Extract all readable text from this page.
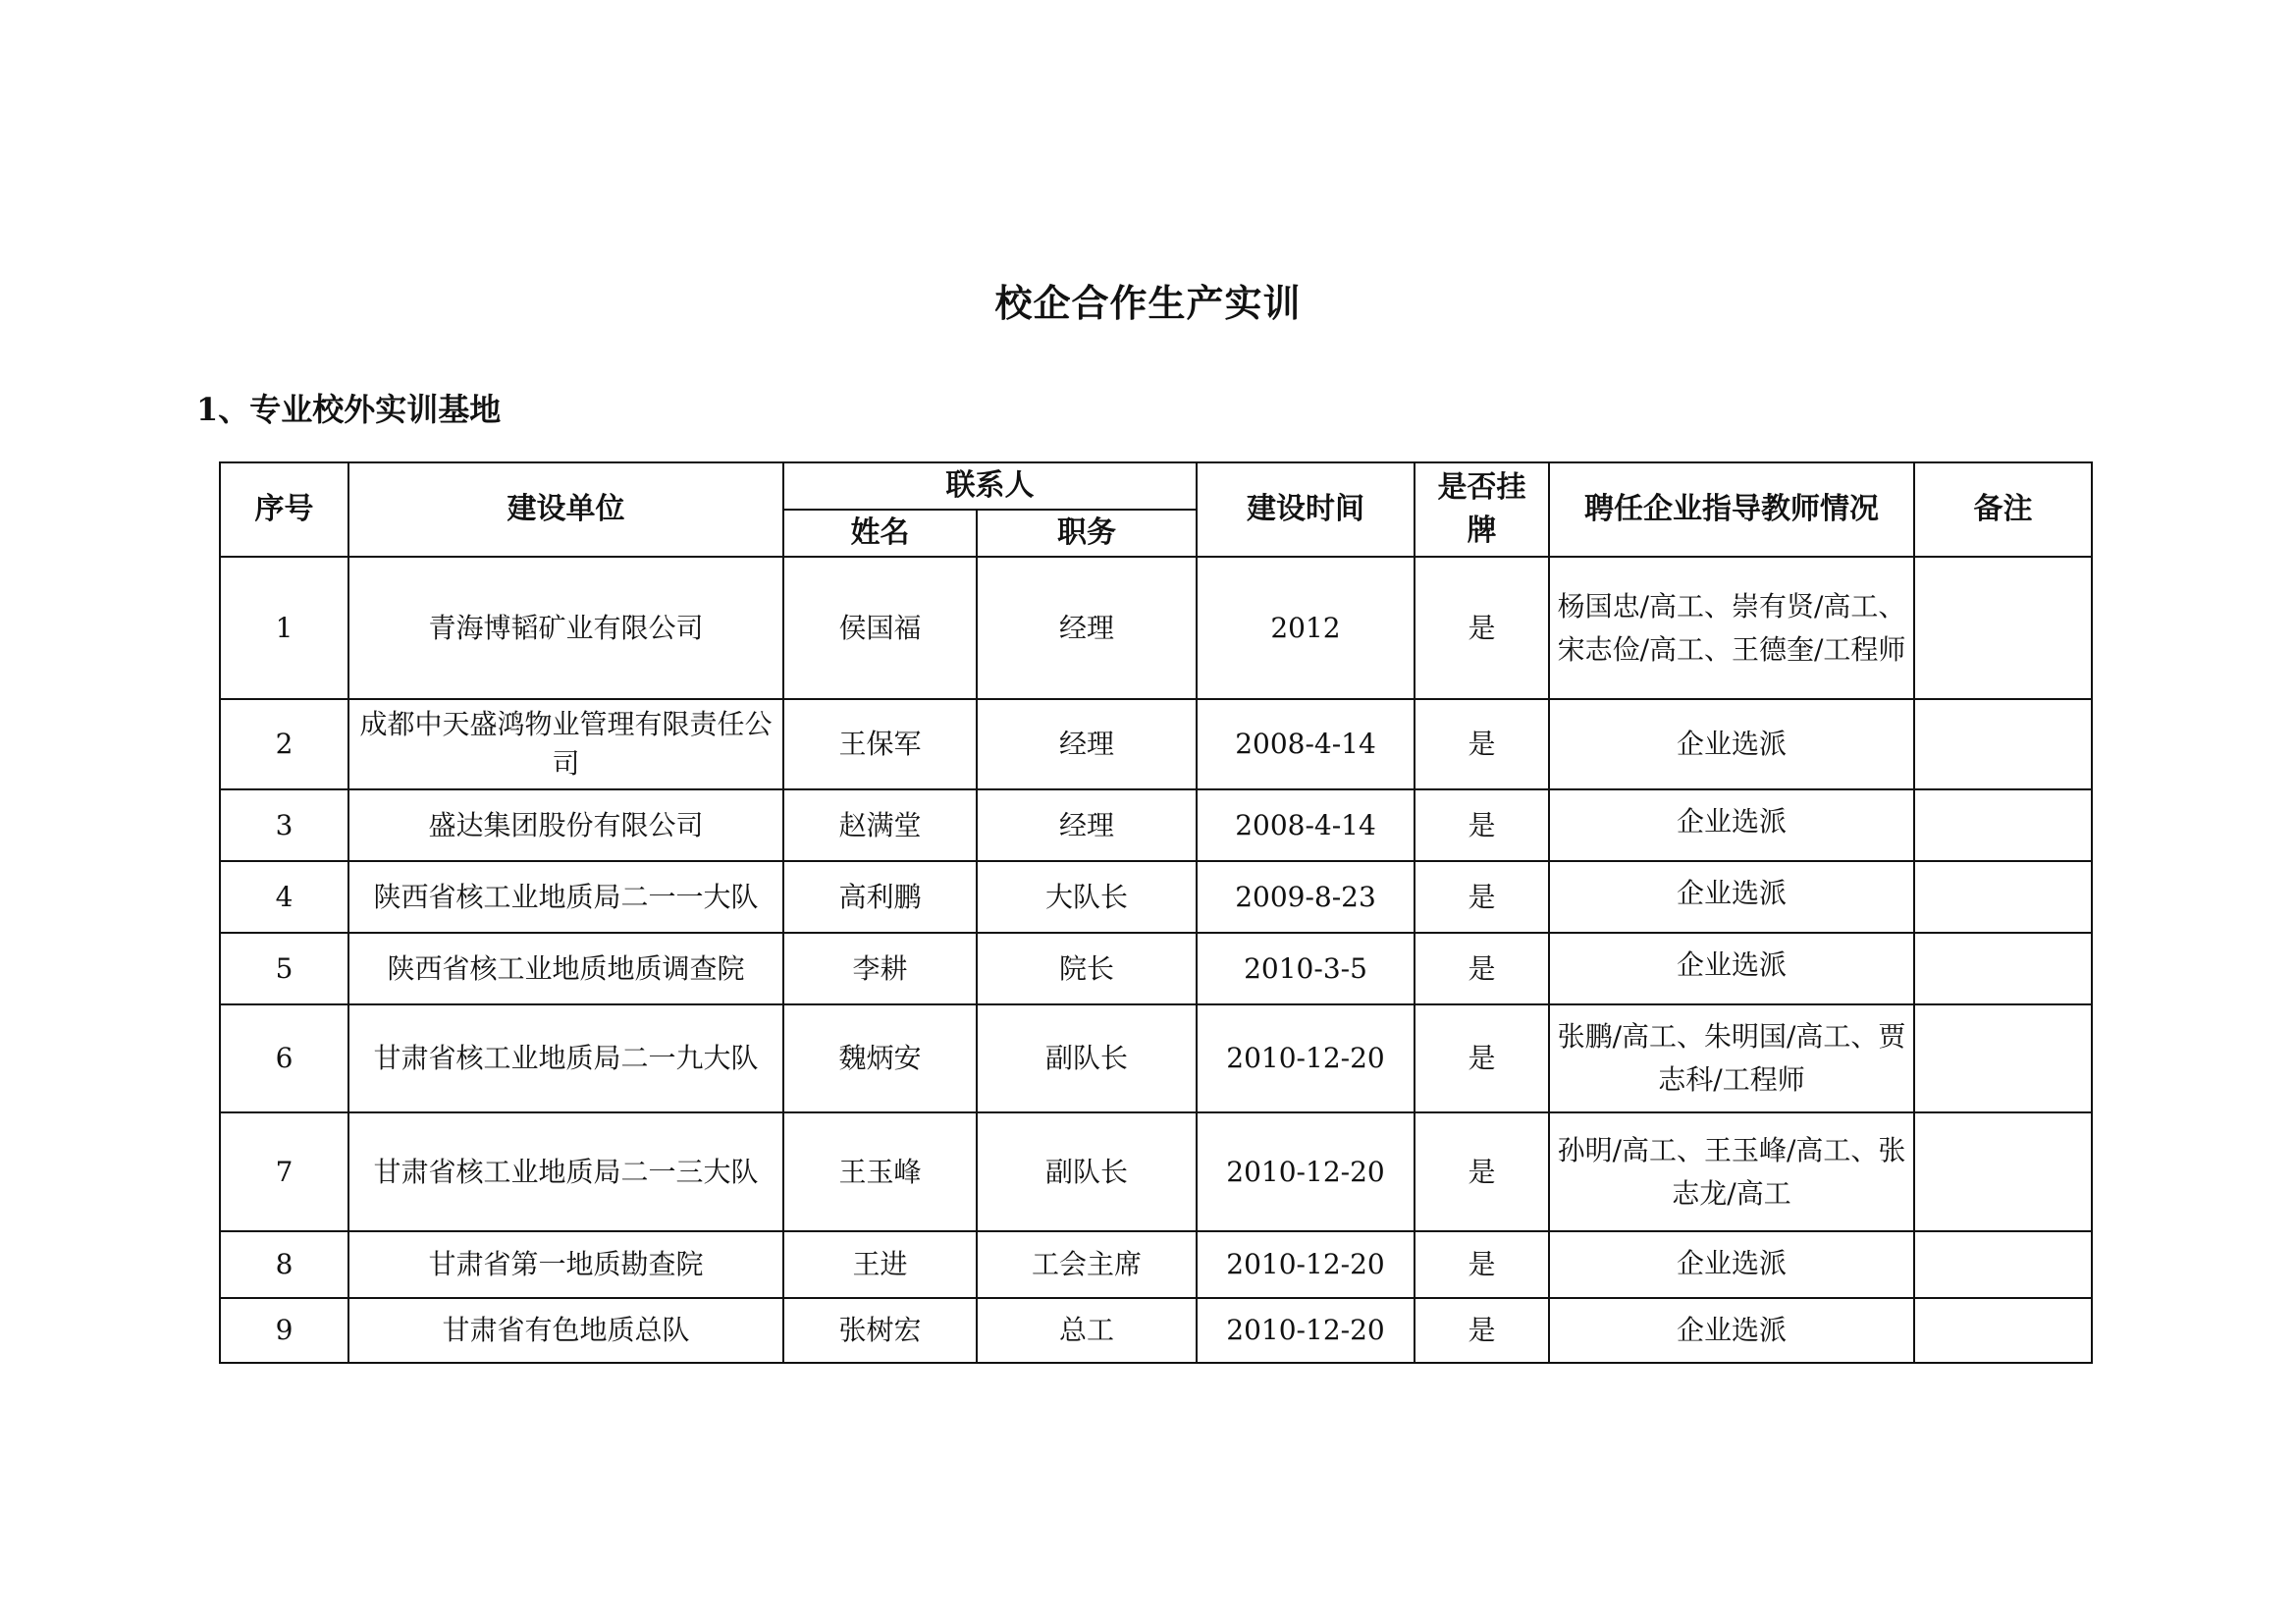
校企合作生产实训
1、专业校外实训基地
序号	建设单位	联系人		建设时间	是否挂牌	聘任企业指导教师情况	备注
		姓名	职务				
1	青海博韬矿业有限公司	侯国福	经理	2012	是	杨国忠/高工、崇有贤/高工、宋志俭/高工、王德奎/工程师	
2	成都中天盛鸿物业管理有限责任公司	王保军	经理	2008-4-14	是	企业选派	
3	盛达集团股份有限公司	赵满堂	经理	2008-4-14	是	企业选派	
4	陕西省核工业地质局二一一大队	高利鹏	大队长	2009-8-23	是	企业选派	
5	陕西省核工业地质地质调查院	李耕	院长	2010-3-5	是	企业选派	
6	甘肃省核工业地质局二一九大队	魏炳安	副队长	2010-12-20	是	张鹏/高工、朱明国/高工、贾志科/工程师	
7	甘肃省核工业地质局二一三大队	王玉峰	副队长	2010-12-20	是	孙明/高工、王玉峰/高工、张志龙/高工	
8	甘肃省第一地质勘查院	王进	工会主席	2010-12-20	是	企业选派	
9	甘肃省有色地质总队	张树宏	总工	2010-12-20	是	企业选派	
